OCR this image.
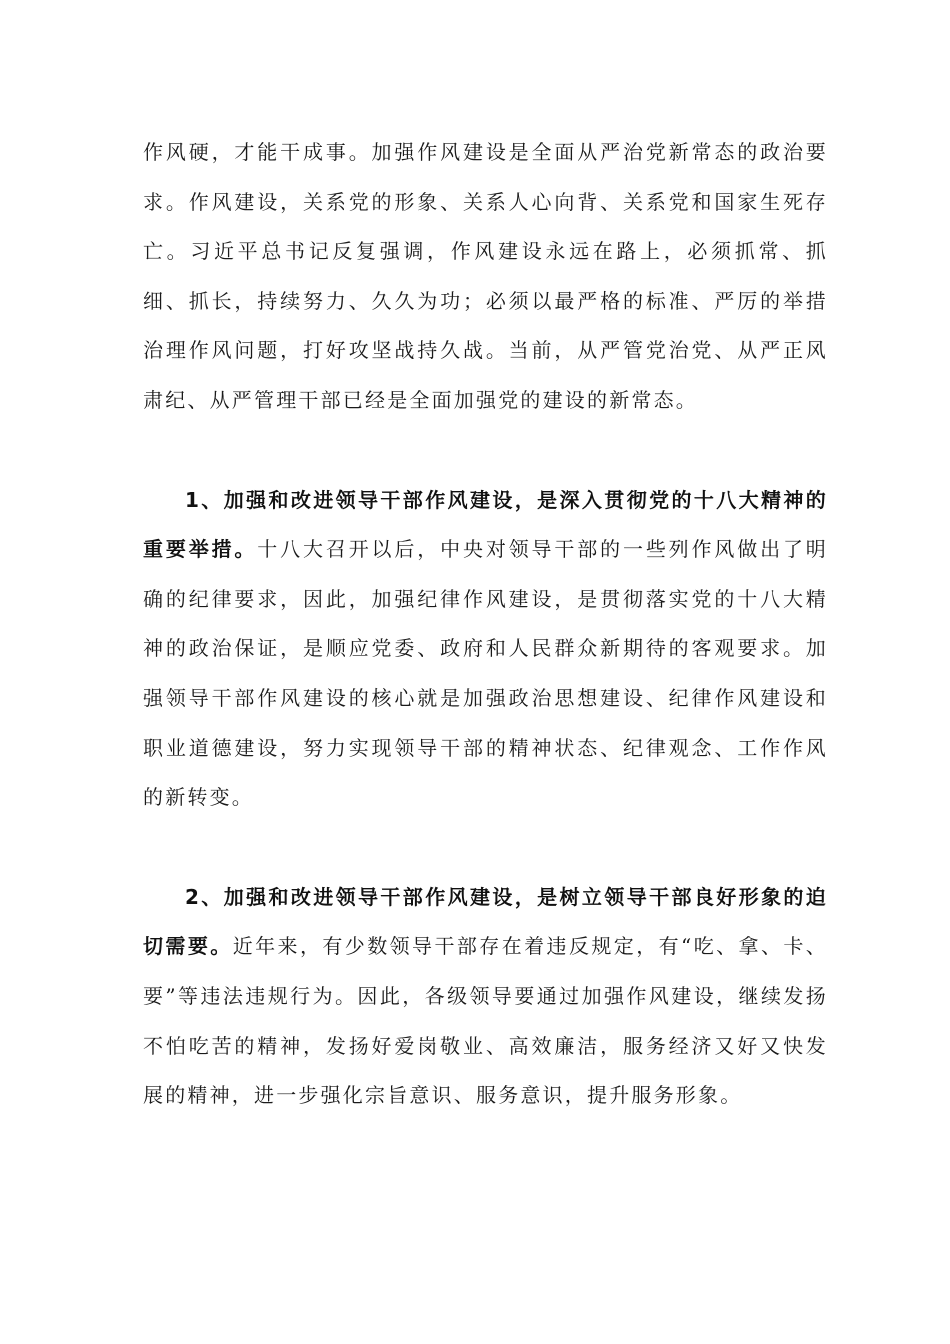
作风硬，才能干成事。加强作风建设是全面从严治党新常态的政治要求。作风建设，关系党的形象、关系人心向背、关系党和国家生死存亡。习近平总书记反复强调，作风建设永远在路上，必须抓常、抓细、抓长，持续努力、久久为功；必须以最严格的标准、严厉的举措治理作风问题，打好攻坚战持久战。当前，从严管党治党、从严正风肃纪、从严管理干部已经是全面加强党的建设的新常态。

1、加强和改进领导干部作风建设，是深入贯彻党的十八大精神的重要举措。十八大召开以后，中央对领导干部的一些列作风做出了明确的纪律要求，因此，加强纪律作风建设，是贯彻落实党的十八大精神的政治保证，是顺应党委、政府和人民群众新期待的客观要求。加强领导干部作风建设的核心就是加强政治思想建设、纪律作风建设和职业道德建设，努力实现领导干部的精神状态、纪律观念、工作作风的新转变。

2、加强和改进领导干部作风建设，是树立领导干部良好形象的迫切需要。近年来，有少数领导干部存在着违反规定，有“吃、拿、卡、要”等违法违规行为。因此，各级领导要通过加强作风建设，继续发扬不怕吃苦的精神，发扬好爱岗敬业、高效廉洁，服务经济又好又快发展的精神，进一步强化宗旨意识、服务意识，提升服务形象。
